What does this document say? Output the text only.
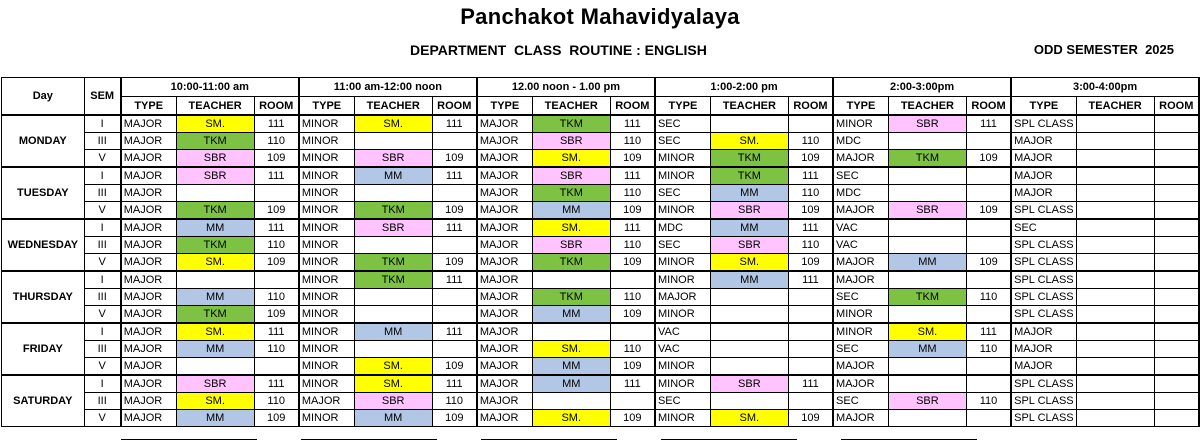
Panchakot Mahavidyalaya
DEPARTMENT  CLASS  ROUTINE : ENGLISH	ODD SEMESTER  2025
Day	SEM	10:00-11:00 am			11:00 am-12:00 noon			12.00 noon - 1.00 pm			1:00-2:00 pm			2:00-3:00pm			3:00-4:00pm		
		TYPE	TEACHER	ROOM	TYPE	TEACHER	ROOM	TYPE	TEACHER	ROOM	TYPE	TEACHER	ROOM	TYPE	TEACHER	ROOM	TYPE	TEACHER	ROOM
MONDAY	I	MAJOR	SM.	111	MINOR	SM.	111	MAJOR	TKM	111	SEC			MINOR	SBR	111	SPL CLASS		
	III	MAJOR	TKM	110	MINOR			MAJOR	SBR	110	SEC	SM.	110	MDC			MAJOR		
	V	MAJOR	SBR	109	MINOR	SBR	109	MAJOR	SM.	109	MINOR	TKM	109	MAJOR	TKM	109	MAJOR		
TUESDAY	I	MAJOR	SBR	111	MINOR	MM	111	MAJOR	SBR	111	MINOR	TKM	111	SEC			MAJOR		
	III	MAJOR			MINOR			MAJOR	TKM	110	SEC	MM	110	MDC			MAJOR		
	V	MAJOR	TKM	109	MINOR	TKM	109	MAJOR	MM	109	MINOR	SBR	109	MAJOR	SBR	109	SPL CLASS		
WEDNESDAY	I	MAJOR	MM	111	MINOR	SBR	111	MAJOR	SM.	111	MDC	MM	111	VAC			SEC		
	III	MAJOR	TKM	110	MINOR			MAJOR	SBR	110	SEC	SBR	110	VAC			SPL CLASS		
	V	MAJOR	SM.	109	MINOR	TKM	109	MAJOR	TKM	109	MINOR	SM.	109	MAJOR	MM	109	SPL CLASS		
THURSDAY	I	MAJOR			MINOR	TKM	111	MAJOR			MINOR	MM	111	MAJOR			SPL CLASS		
	III	MAJOR	MM	110	MINOR			MAJOR	TKM	110	MAJOR			SEC	TKM	110	SPL CLASS		
	V	MAJOR	TKM	109	MINOR			MAJOR	MM	109	MINOR			MINOR			SPL CLASS		
FRIDAY	I	MAJOR	SM.	111	MINOR	MM	111	MAJOR			VAC			MINOR	SM.	111	MAJOR		
	III	MAJOR	MM	110	MINOR			MAJOR	SM.	110	VAC			SEC	MM	110	MAJOR		
	V	MAJOR			MINOR	SM.	109	MAJOR	MM	109	MINOR			MAJOR			MAJOR		
SATURDAY	I	MAJOR	SBR	111	MINOR	SM.	111	MAJOR	MM	111	MINOR	SBR	111	MAJOR			SPL CLASS		
	III	MAJOR	SM.	110	MAJOR	SBR	110	MAJOR			SEC			SEC	SBR	110	SPL CLASS		
	V	MAJOR	MM	109	MINOR	MM	109	MAJOR	SM.	109	MINOR	SM.	109	MAJOR			SPL CLASS		
